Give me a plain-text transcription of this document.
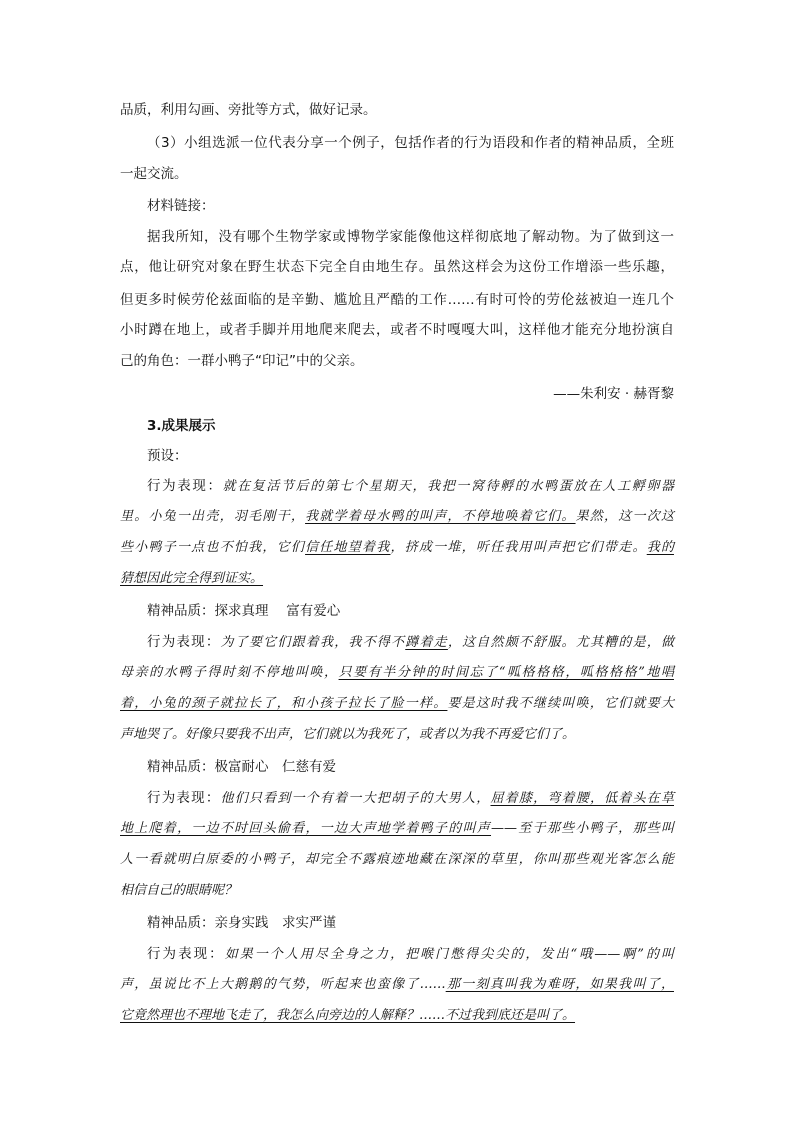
品质，利用勾画、旁批等方式，做好记录。
（3）小组选派一位代表分享一个例子，包括作者的行为语段和作者的精神品质，全班
一起交流。
材料链接：
据我所知，没有哪个生物学家或博物学家能像他这样彻底地了解动物。为了做到这一
点，他让研究对象在野生状态下完全自由地生存。虽然这样会为这份工作增添一些乐趣，
但更多时候劳伦兹面临的是辛勤、尴尬且严酷的工作……有时可怜的劳伦兹被迫一连几个
小时蹲在地上，或者手脚并用地爬来爬去，或者不时嘎嘎大叫，这样他才能充分地扮演自
己的角色：一群小鸭子“印记”中的父亲。
——朱利安 · 赫胥黎
3.成果展示
预设：
行为表现：就在复活节后的第七个星期天，我把一窝待孵的水鸭蛋放在人工孵卵器
里。小兔一出壳，羽毛刚干，我就学着母水鸭的叫声，不停地唤着它们。果然，这一次这
些小鸭子一点也不怕我，它们信任地望着我，挤成一堆，听任我用叫声把它们带走。我的
猜想因此完全得到证实。
精神品质：探求真理　 富有爱心
行为表现：为了要它们跟着我，我不得不蹲着走，这自然颇不舒服。尤其糟的是，做
母亲的水鸭子得时刻不停地叫唤，只要有半分钟的时间忘了“呱格格格，呱格格格”地唱
着，小兔的颈子就拉长了，和小孩子拉长了脸一样。要是这时我不继续叫唤，它们就要大
声地哭了。好像只要我不出声，它们就以为我死了，或者以为我不再爱它们了。
精神品质：极富耐心　仁慈有爱
行为表现：他们只看到一个有着一大把胡子的大男人，屈着膝，弯着腰，低着头在草
地上爬着，一边不时回头偷看，一边大声地学着鸭子的叫声——至于那些小鸭子，那些叫
人一看就明白原委的小鸭子，却完全不露痕迹地藏在深深的草里，你叫那些观光客怎么能
相信自己的眼睛呢？
精神品质：亲身实践　求实严谨
行为表现：如果一个人用尽全身之力，把喉门憋得尖尖的，发出“哦——啊”的叫
声，虽说比不上大鹅鹅的气势，听起来也蛮像了……那一刻真叫我为难呀，如果我叫了，
它竟然理也不理地飞走了，我怎么向旁边的人解释？……不过我到底还是叫了。
